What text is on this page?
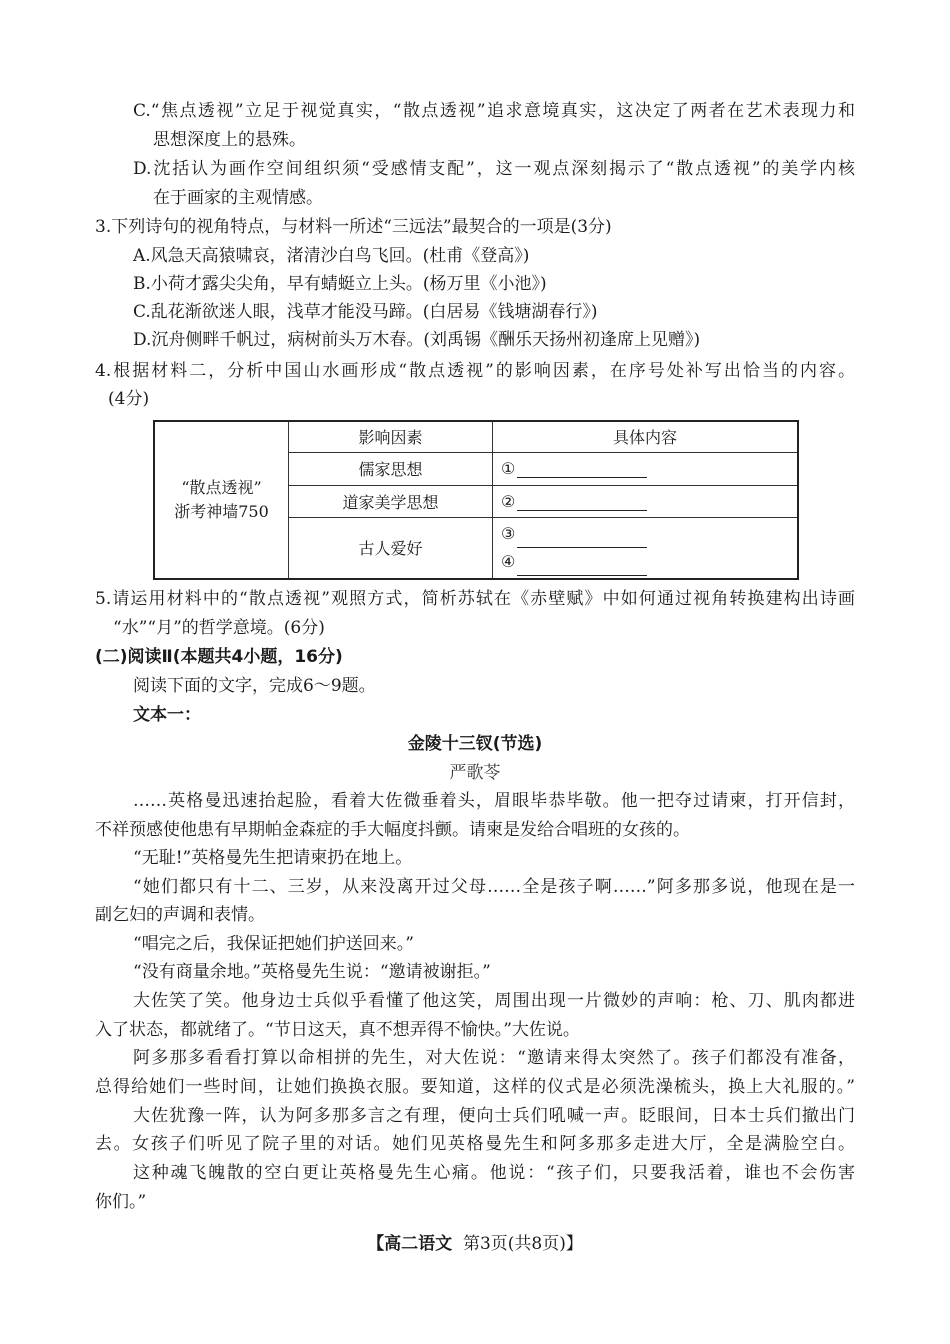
C.“焦点透视”立足于视觉真实，“散点透视”追求意境真实，这决定了两者在艺术表现力和
思想深度上的悬殊。
D.沈括认为画作空间组织须“受感情支配”，这一观点深刻揭示了“散点透视”的美学内核
在于画家的主观情感。
3.下列诗句的视角特点，与材料一所述“三远法”最契合的一项是(3分)
A.风急天高猿啸哀，渚清沙白鸟飞回。(杜甫《登高》)
B.小荷才露尖尖角，早有蜻蜓立上头。(杨万里《小池》)
C.乱花渐欲迷人眼，浅草才能没马蹄。(白居易《钱塘湖春行》)
D.沉舟侧畔千帆过，病树前头万木春。(刘禹锡《酬乐天扬州初逢席上见赠》)
4.根据材料二，分析中国山水画形成“散点透视”的影响因素，在序号处补写出恰当的内容。
(4分)
“散点透视”
浙考神墙750	影响因素	具体内容
	儒家思想	①
	道家美学思想	②
	古人爱好	③
④
5.请运用材料中的“散点透视”观照方式，简析苏轼在《赤壁赋》中如何通过视角转换建构出诗画
“水”“月”的哲学意境。(6分)
(二)阅读Ⅱ(本题共4小题，16分)
阅读下面的文字，完成6～9题。
文本一：
金陵十三钗(节选)
严歌苓
……英格曼迅速抬起脸，看着大佐微垂着头，眉眼毕恭毕敬。他一把夺过请柬，打开信封，
不祥预感使他患有早期帕金森症的手大幅度抖颤。请柬是发给合唱班的女孩的。
“无耻!”英格曼先生把请柬扔在地上。
“她们都只有十二、三岁，从来没离开过父母……全是孩子啊……”阿多那多说，他现在是一
副乞妇的声调和表情。
“唱完之后，我保证把她们护送回来。”
“没有商量余地。”英格曼先生说：“邀请被谢拒。”
大佐笑了笑。他身边士兵似乎看懂了他这笑，周围出现一片微妙的声响：枪、刀、肌肉都进
入了状态，都就绪了。“节日这天，真不想弄得不愉快。”大佐说。
阿多那多看看打算以命相拼的先生，对大佐说：“邀请来得太突然了。孩子们都没有准备，
总得给她们一些时间，让她们换换衣服。要知道，这样的仪式是必须洗澡梳头，换上大礼服的。”
大佐犹豫一阵，认为阿多那多言之有理，便向士兵们吼喊一声。眨眼间，日本士兵们撤出门
去。女孩子们听见了院子里的对话。她们见英格曼先生和阿多那多走进大厅，全是满脸空白。
这种魂飞魄散的空白更让英格曼先生心痛。他说：“孩子们，只要我活着，谁也不会伤害
你们。”
【高二语文 第3页(共8页)】
